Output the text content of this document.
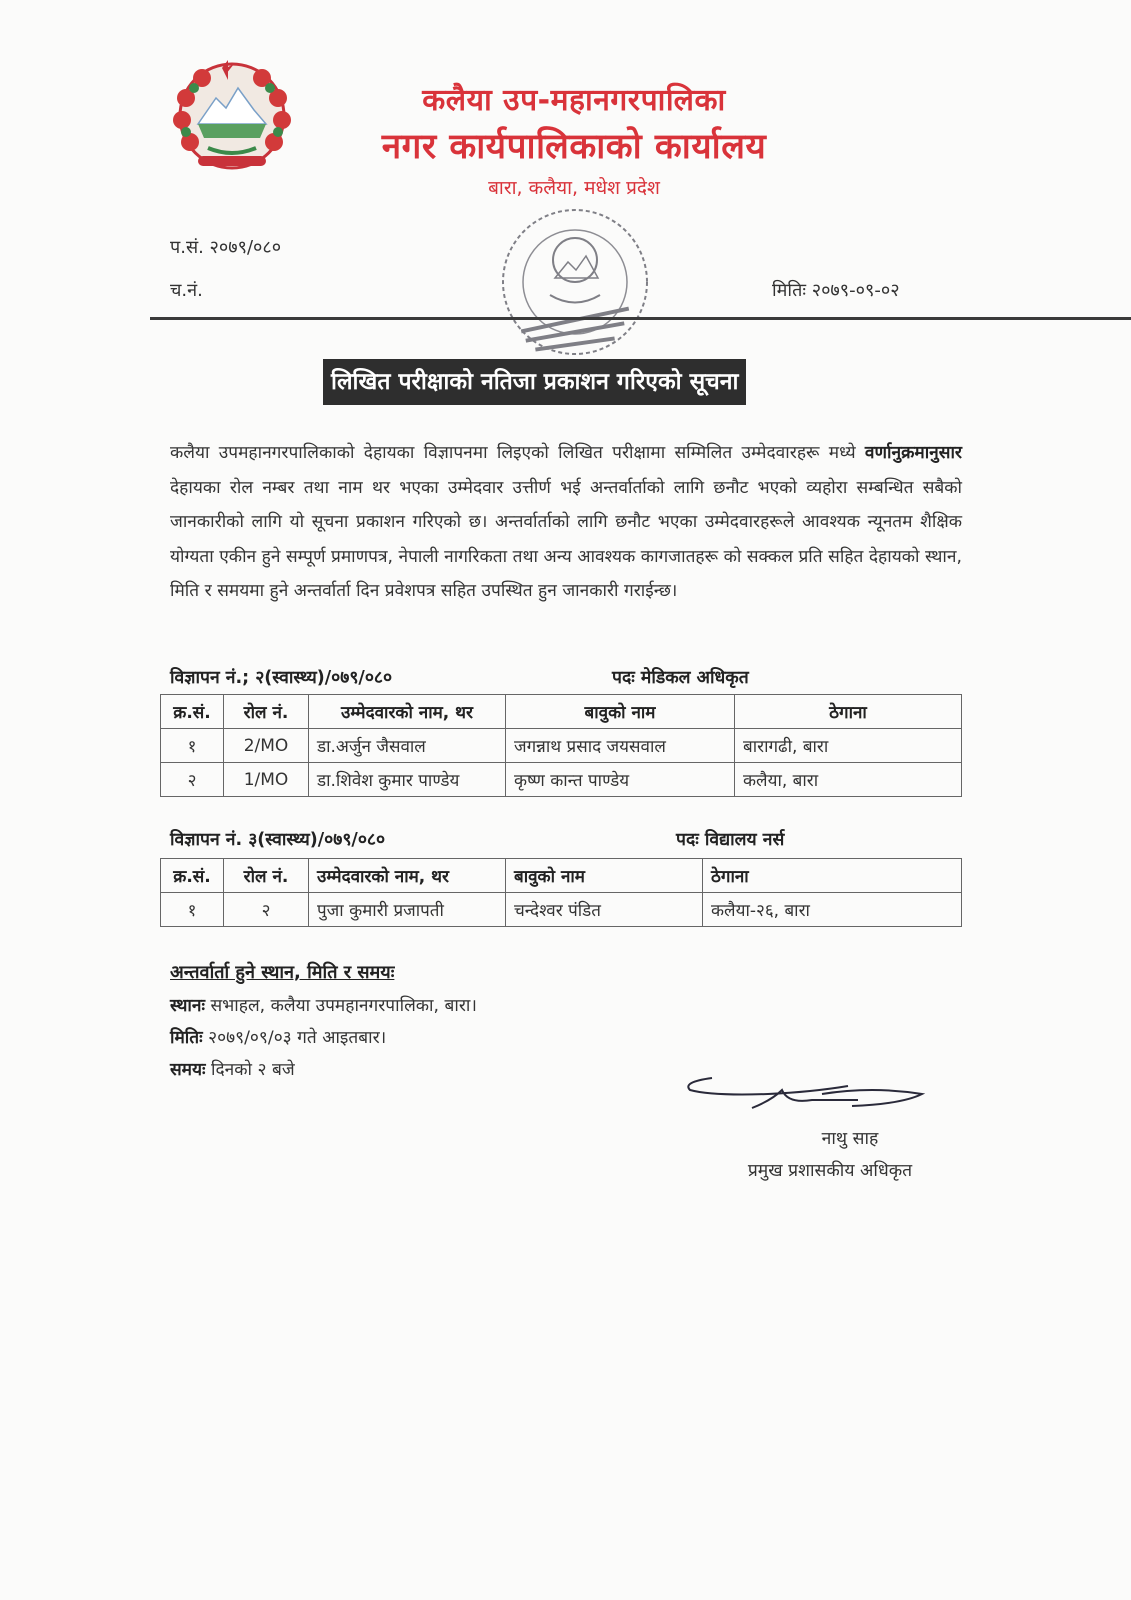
कलैया उप-महानगरपालिका
नगर कार्यपालिकाको कार्यालय
बारा, कलैया, मधेश प्रदेश
प.सं. २०७९/०८०
च.नं.	मितिः २०७९-०९-०२
लिखित परीक्षाको नतिजा प्रकाशन गरिएको सूचना
कलैया उपमहानगरपालिकाको देहायका विज्ञापनमा लिइएको लिखित परीक्षामा सम्मिलित उम्मेदवारहरू मध्ये वर्णानुक्रमानुसार देहायका रोल नम्बर तथा नाम थर भएका उम्मेदवार उत्तीर्ण भई अन्तर्वार्ताको लागि छनौट भएको व्यहोरा सम्बन्धित सबैको जानकारीको लागि यो सूचना प्रकाशन गरिएको छ। अन्तर्वार्ताको लागि छनौट भएका उम्मेदवारहरूले आवश्यक न्यूनतम शैक्षिक योग्यता एकीन हुने सम्पूर्ण प्रमाणपत्र, नेपाली नागरिकता तथा अन्य आवश्यक कागजातहरू को सक्कल प्रति सहित देहायको स्थान, मिति र समयमा हुने अन्तर्वार्ता दिन प्रवेशपत्र सहित उपस्थित हुन जानकारी गराईन्छ।
विज्ञापन नं.; २(स्वास्थ्य)/०७९/०८०	पदः मेडिकल अधिकृत
क्र.सं.	रोल नं.	उम्मेदवारको नाम, थर	बावुको नाम	ठेगाना
१	2/MO	डा.अर्जुन जैसवाल	जगन्नाथ प्रसाद जयसवाल	बारागढी, बारा
२	1/MO	डा.शिवेश कुमार पाण्डेय	कृष्ण कान्त पाण्डेय	कलैया, बारा
विज्ञापन नं. ३(स्वास्थ्य)/०७९/०८०	पदः विद्यालय नर्स
क्र.सं.	रोल नं.	उम्मेदवारको नाम, थर	बावुको नाम	ठेगाना
१	२	पुजा कुमारी प्रजापती	चन्देश्वर पंडित	कलैया-२६, बारा
अन्तर्वार्ता हुने स्थान, मिति र समयः
स्थानः सभाहल, कलैया उपमहानगरपालिका, बारा।
मितिः २०७९/०९/०३ गते आइतबार।
समयः दिनको २ बजे
नाथु साह
प्रमुख प्रशासकीय अधिकृत
